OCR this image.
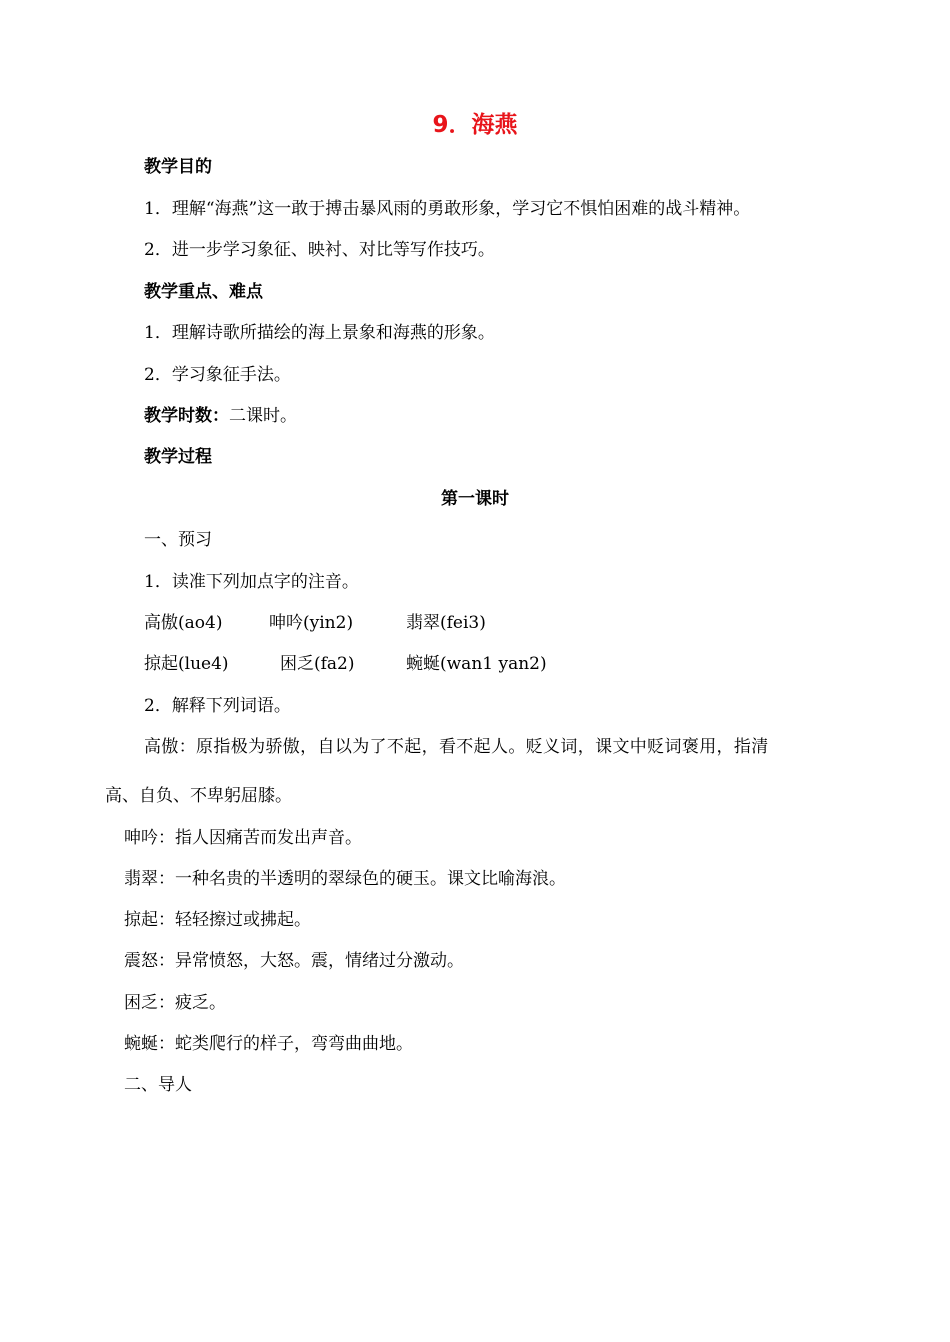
9．海燕
教学目的
1．理解“海燕”这一敢于搏击暴风雨的勇敢形象，学习它不惧怕困难的战斗精神。
2．进一步学习象征、映衬、对比等写作技巧。
教学重点、难点
1．理解诗歌所描绘的海上景象和海燕的形象。
2．学习象征手法。
教学时数：二课时。
教学过程
第一课时
一、预习
1．读准下列加点字的注音。
高傲(ao4)	呻吟(yin2)	翡翠(fei3)
掠起(lue4)	困乏(fa2)	蜿蜒(wan1 yan2)
2．解释下列词语。
高傲：原指极为骄傲，自以为了不起，看不起人。贬义词，课文中贬词褒用，指清
高、自负、不卑躬屈膝。
呻吟：指人因痛苦而发出声音。
翡翠：一种名贵的半透明的翠绿色的硬玉。课文比喻海浪。
掠起：轻轻擦过或拂起。
震怒：异常愤怒，大怒。震，情绪过分激动。
困乏：疲乏。
蜿蜒：蛇类爬行的样子，弯弯曲曲地。
二、导人
